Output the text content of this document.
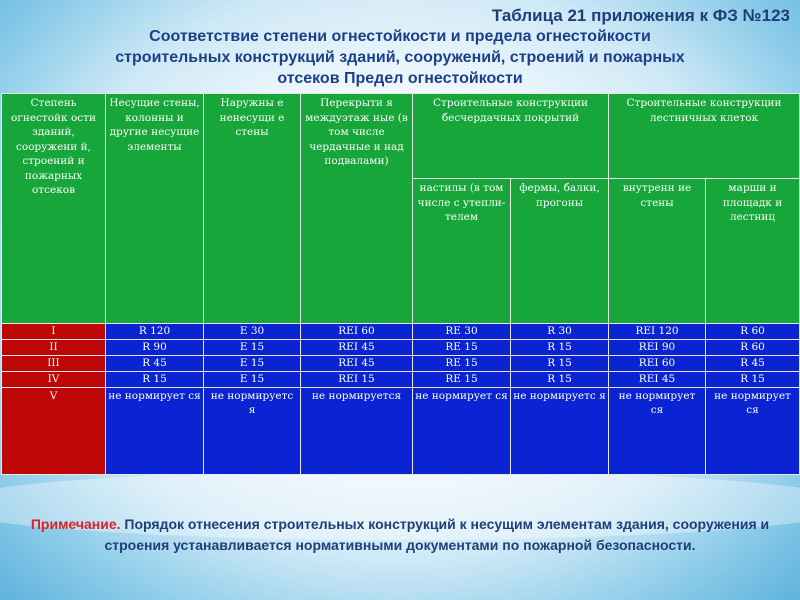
Таблица 21 приложения к ФЗ №123
Соответствие степени огнестойкости и предела огнестойкости
строительных конструкций зданий, сооружений, строений и пожарных
отсеков Предел огнестойкости
Степень огнестойк ости зданий, сооружени й, строений и пожарных отсеков	Несущие стены, колонны и другие несущие элементы	Наружны е ненесущи е стены	Перекрыти я междуэтаж ные (в том числе чердачные и над подвалами)	Строительные конструкции бесчердачных покрытий		Строительные конструкции лестничных клеток	
				настилы (в том числе с утепли- телем	фермы, балки, прогоны	внутренн ие стены	марши и площадк и лестниц
I	R 120	Е 30	REI 60	RE 30	R 30	REI 120	R 60
II	R 90	Е 15	REI 45	RE 15	R 15	REI 90	R 60
III	R 45	Е 15	REI 45	RE 15	R 15	REI 60	R 45
IV	R 15	Е 15	REI 15	RE 15	R 15	REI 45	R 15
V	не нормирует ся	не нормируетс я	не нормируется	не нормирует ся	не нормируетс я	не нормирует ся	не нормирует ся
Примечание. Порядок отнесения строительных конструкций к несущим элементам здания, сооружения и строения устанавливается нормативными документами по пожарной безопасности.
